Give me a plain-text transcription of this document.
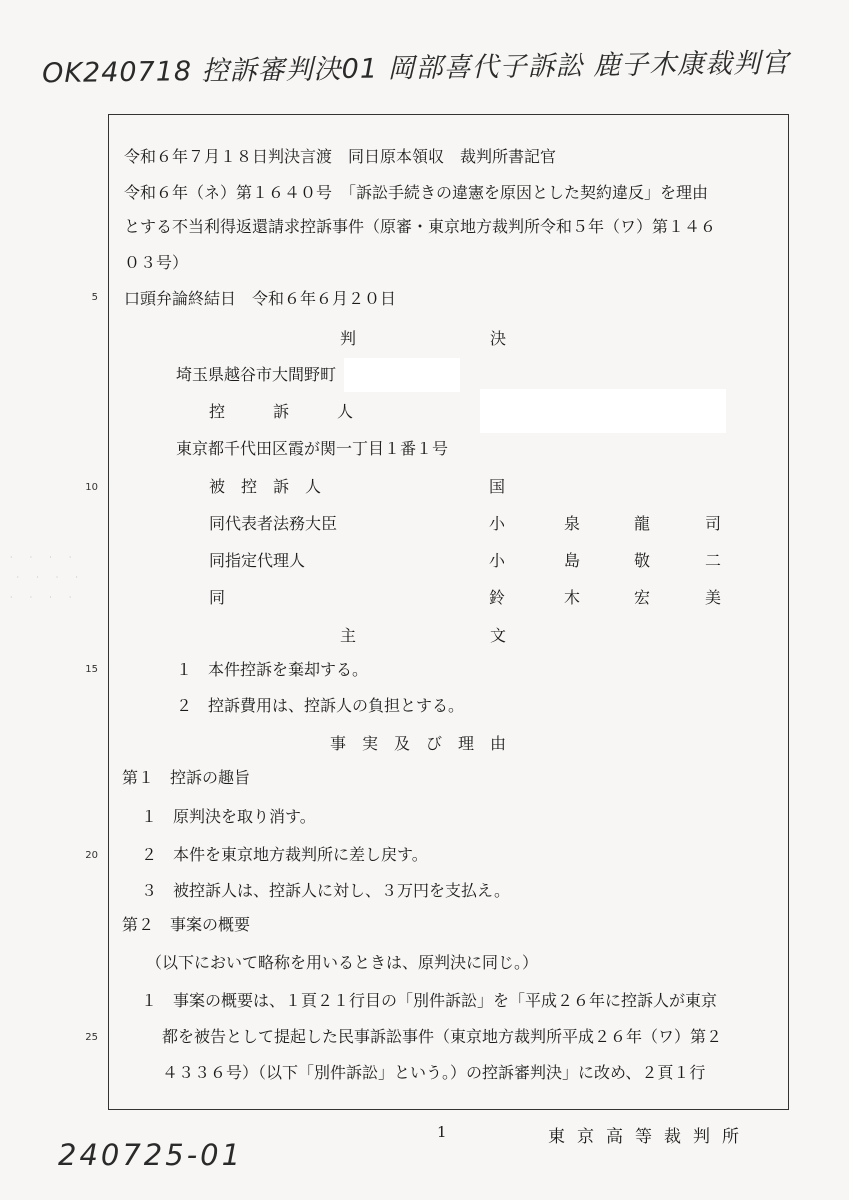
OK240718 控訴審判決01 岡部喜代子訴訟 鹿子木康裁判官
令和６年７月１８日判決言渡　同日原本領収　裁判所書記官
令和６年（ネ）第１６４０号　「訴訟手続きの違憲を原因とした契約違反」を理由
とする不当利得返還請求控訴事件（原審・東京地方裁判所令和５年（ワ）第１４６
０３号）
口頭弁論終結日　令和６年６月２０日
判	決
埼玉県越谷市大間野町
控　　　訴　　　人
東京都千代田区霞が関一丁目１番１号
被　控　訴　人	国
同代表者法務大臣	小	泉	龍	司
同指定代理人	小	島	敬	二
同	鈴	木	宏	美
主	文
１　本件控訴を棄却する。
２　控訴費用は、控訴人の負担とする。
事　実　及　び　理　由
第１　控訴の趣旨
１　原判決を取り消す。
２　本件を東京地方裁判所に差し戻す。
３　被控訴人は、控訴人に対し、３万円を支払え。
第２　事案の概要
（以下において略称を用いるときは、原判決に同じ。）
１　事案の概要は、１頁２１行目の「別件訴訟」を「平成２６年に控訴人が東京
都を被告として提起した民事訴訟事件（東京地方裁判所平成２６年（ワ）第２
４３３６号）（以下「別件訴訟」という。）の控訴審判決」に改め、２頁１行
5
10
15
20
25
·  ·  ·  ·
·  ·  ·  ·
·  ·  ·  ·
1	東京高等裁判所
240725-01
